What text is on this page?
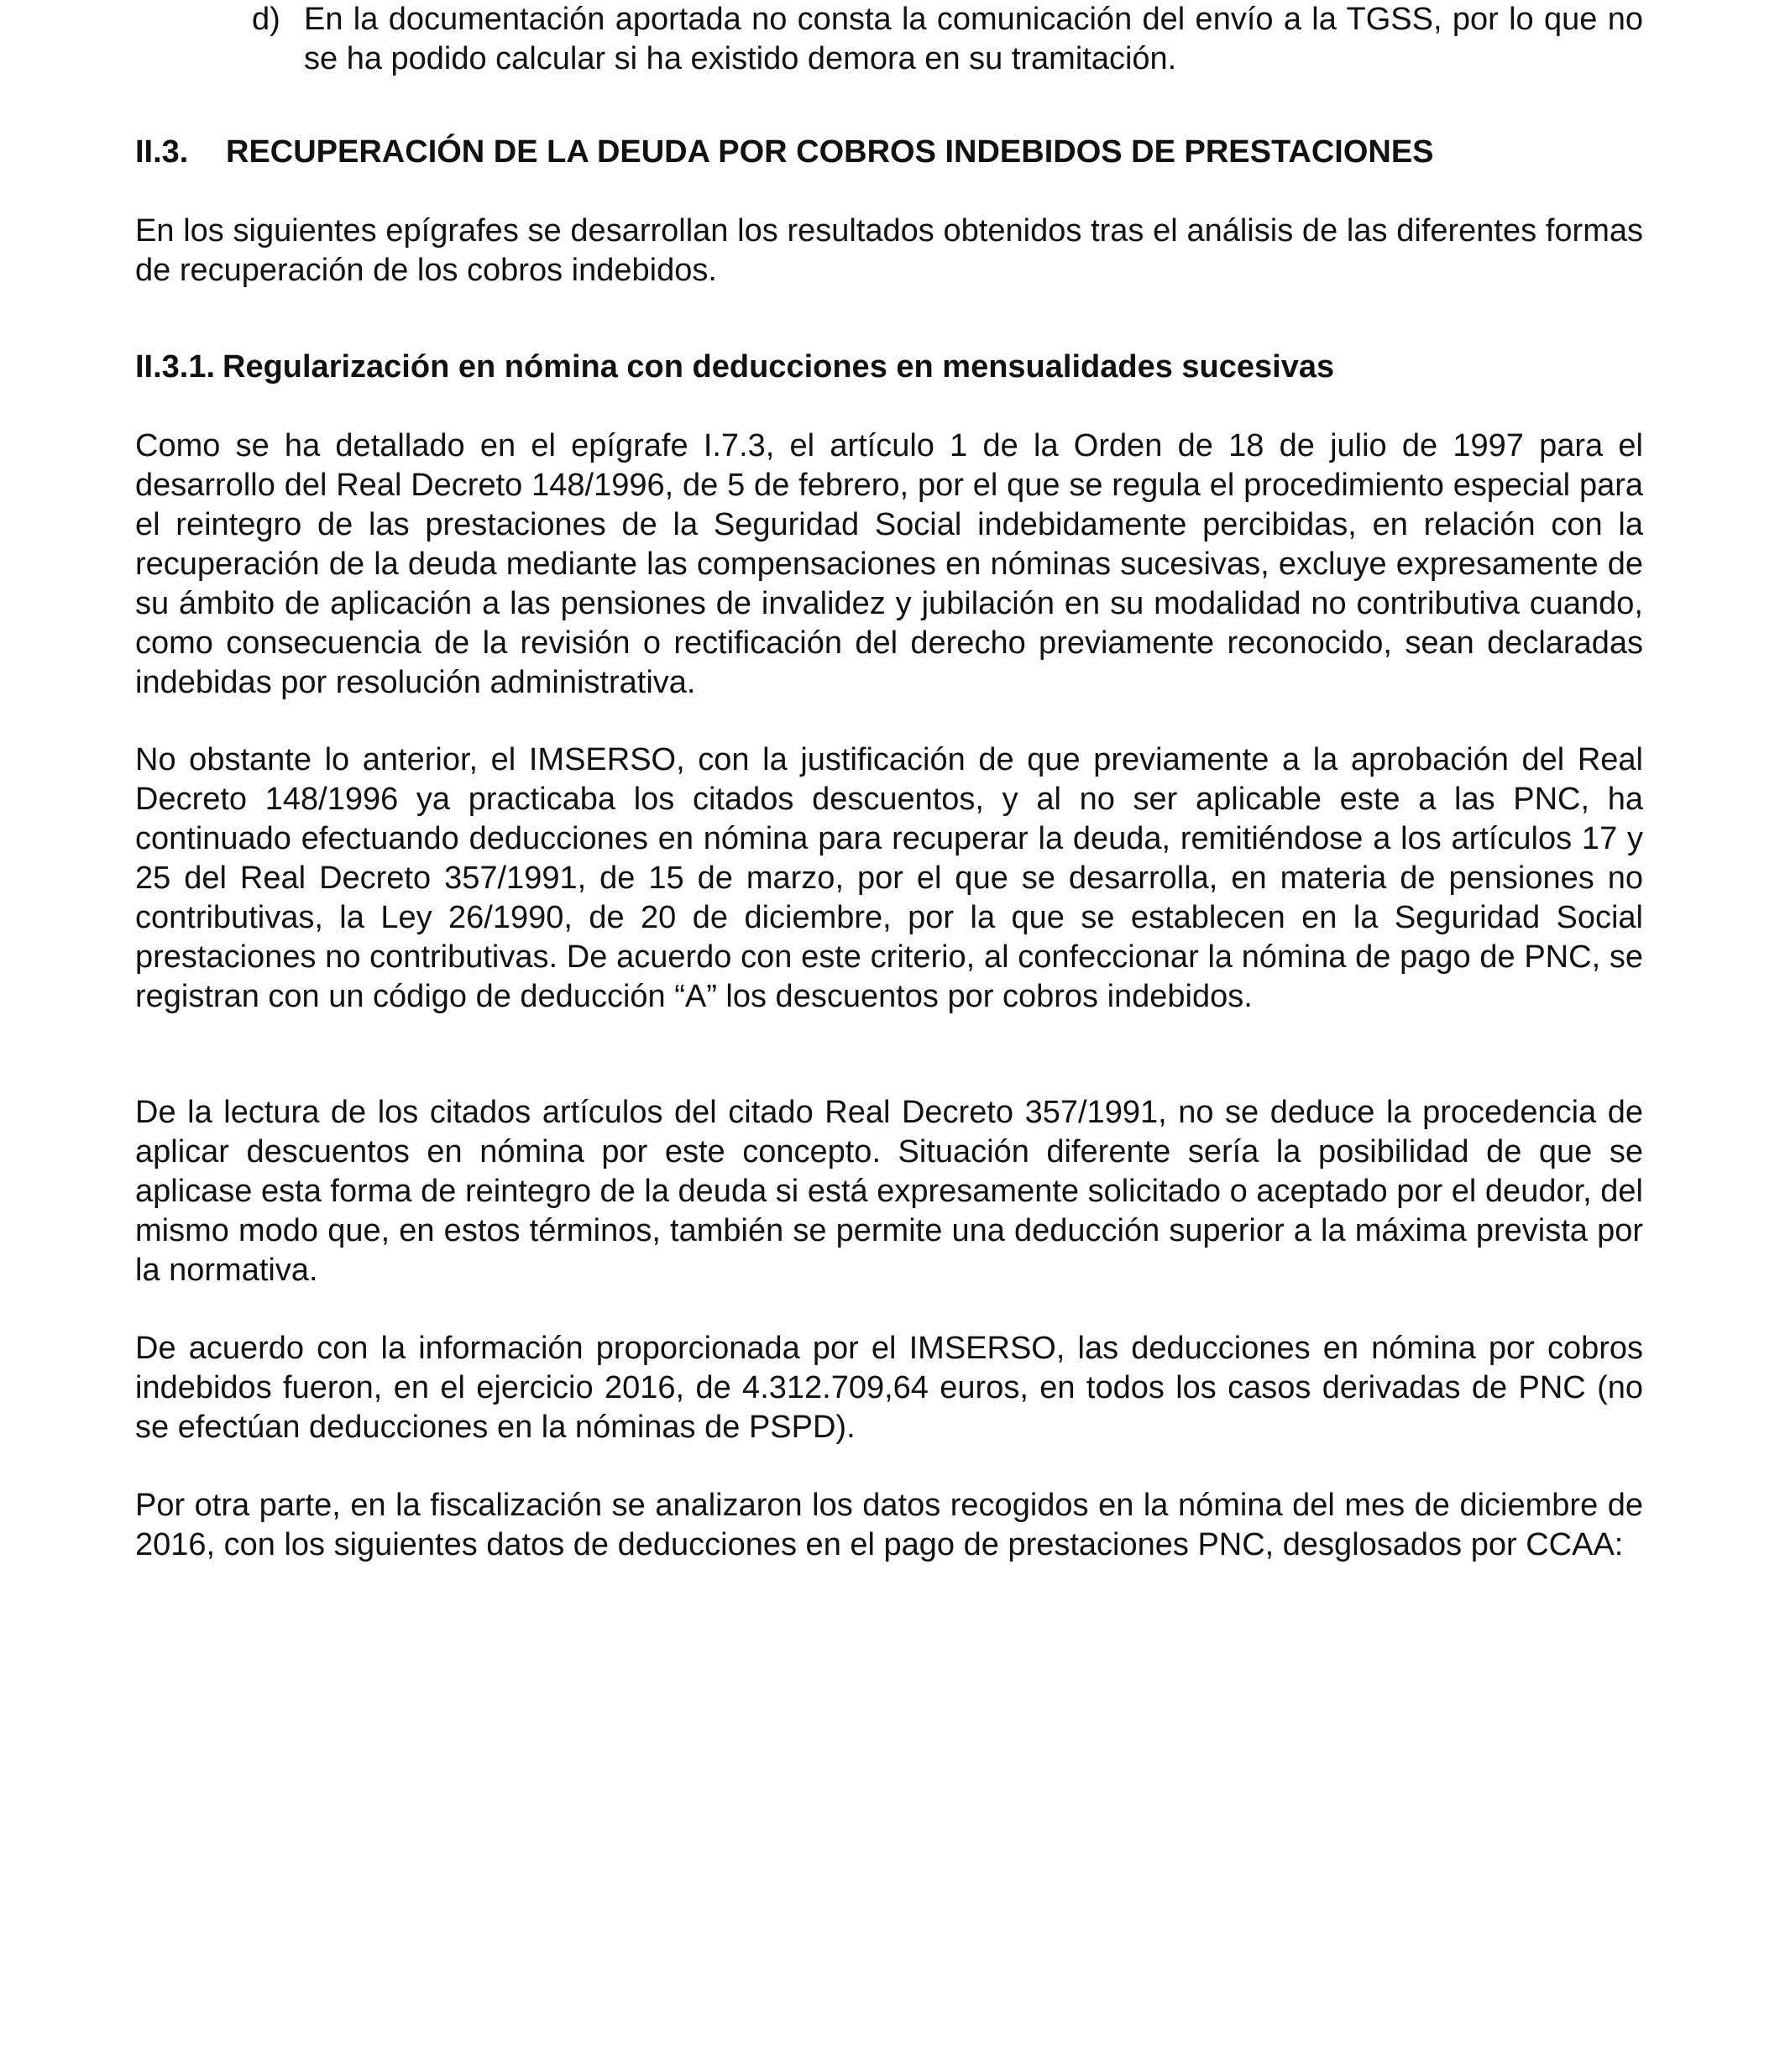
d) En la documentación aportada no consta la comunicación del envío a la TGSS, por lo que no se ha podido calcular si ha existido demora en su tramitación.

II.3. RECUPERACIÓN DE LA DEUDA POR COBROS INDEBIDOS DE PRESTACIONES

En los siguientes epígrafes se desarrollan los resultados obtenidos tras el análisis de las diferentes formas de recuperación de los cobros indebidos.

II.3.1. Regularización en nómina con deducciones en mensualidades sucesivas

Como se ha detallado en el epígrafe I.7.3, el artículo 1 de la Orden de 18 de julio de 1997 para el desarrollo del Real Decreto 148/1996, de 5 de febrero, por el que se regula el procedimiento especial para el reintegro de las prestaciones de la Seguridad Social indebidamente percibidas, en relación con la recuperación de la deuda mediante las compensaciones en nóminas sucesivas, excluye expresamente de su ámbito de aplicación a las pensiones de invalidez y jubilación en su modalidad no contributiva cuando, como consecuencia de la revisión o rectificación del derecho previamente reconocido, sean declaradas indebidas por resolución administrativa.

No obstante lo anterior, el IMSERSO, con la justificación de que previamente a la aprobación del Real Decreto 148/1996 ya practicaba los citados descuentos, y al no ser aplicable este a las PNC, ha continuado efectuando deducciones en nómina para recuperar la deuda, remitiéndose a los artículos 17 y 25 del Real Decreto 357/1991, de 15 de marzo, por el que se desarrolla, en materia de pensiones no contributivas, la Ley 26/1990, de 20 de diciembre, por la que se establecen en la Seguridad Social prestaciones no contributivas. De acuerdo con este criterio, al confeccionar la nómina de pago de PNC, se registran con un código de deducción “A” los descuentos por cobros indebidos.

De la lectura de los citados artículos del citado Real Decreto 357/1991, no se deduce la procedencia de aplicar descuentos en nómina por este concepto. Situación diferente sería la posibilidad de que se aplicase esta forma de reintegro de la deuda si está expresamente solicitado o aceptado por el deudor, del mismo modo que, en estos términos, también se permite una deducción superior a la máxima prevista por la normativa.

De acuerdo con la información proporcionada por el IMSERSO, las deducciones en nómina por cobros indebidos fueron, en el ejercicio 2016, de 4.312.709,64 euros, en todos los casos derivadas de PNC (no se efectúan deducciones en la nóminas de PSPD).

Por otra parte, en la fiscalización se analizaron los datos recogidos en la nómina del mes de diciembre de 2016, con los siguientes datos de deducciones en el pago de prestaciones PNC, desglosados por CCAA:
